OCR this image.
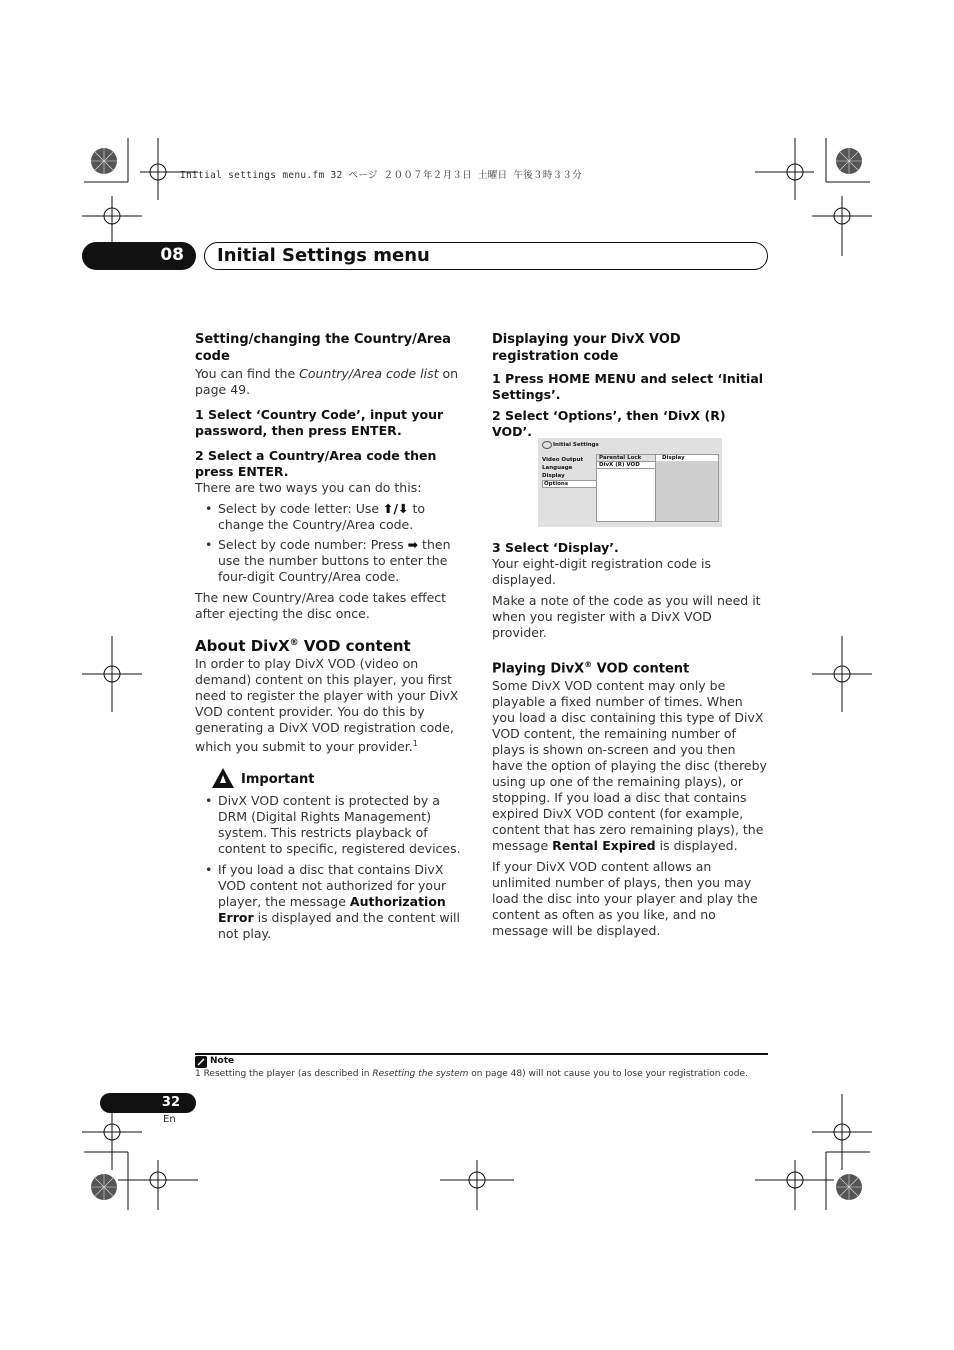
Initial settings menu.fm 32 ページ ２００７年２月３日 土曜日 午後３時３３分
08 Initial Settings menu

Setting/changing the Country/Area code

You can find the Country/Area code list on page 49.

1 Select ‘Country Code’, input your password, then press ENTER.

2 Select a Country/Area code then press ENTER.

There are two ways you can do this:

• Select by code letter: Use ⬆/⬇ to change the Country/Area code.

• Select by code number: Press ➡ then use the number buttons to enter the four-digit Country/Area code.

The new Country/Area code takes effect after ejecting the disc once.

About DivX® VOD content

In order to play DivX VOD (video on demand) content on this player, you first need to register the player with your DivX VOD content provider. You do this by generating a DivX VOD registration code, which you submit to your provider.$^1$

Important

• DivX VOD content is protected by a DRM (Digital Rights Management) system. This restricts playback of content to specific, registered devices.

• If you load a disc that contains DivX VOD content not authorized for your player, the message Authorization Error is displayed and the content will not play.

Displaying your DivX VOD registration code

1 Press HOME MENU and select ‘Initial Settings’.

2 Select ‘Options’, then ‘DivX (R) VOD’.

Initial Settings
Video Output
Language
Display
Options
Parental Lock
DivX (R) VOD
Display

3 Select ‘Display’.

Your eight-digit registration code is displayed.

Make a note of the code as you will need it when you register with a DivX VOD provider.

Playing DivX® VOD content

Some DivX VOD content may only be playable a fixed number of times. When you load a disc containing this type of DivX VOD content, the remaining number of plays is shown on-screen and you then have the option of playing the disc (thereby using up one of the remaining plays), or stopping. If you load a disc that contains expired DivX VOD content (for example, content that has zero remaining plays), the message Rental Expired is displayed.

If your DivX VOD content allows an unlimited number of plays, then you may load the disc into your player and play the content as often as you like, and no message will be displayed.

Note
1 Resetting the player (as described in Resetting the system on page 48) will not cause you to lose your registration code.
32
En
